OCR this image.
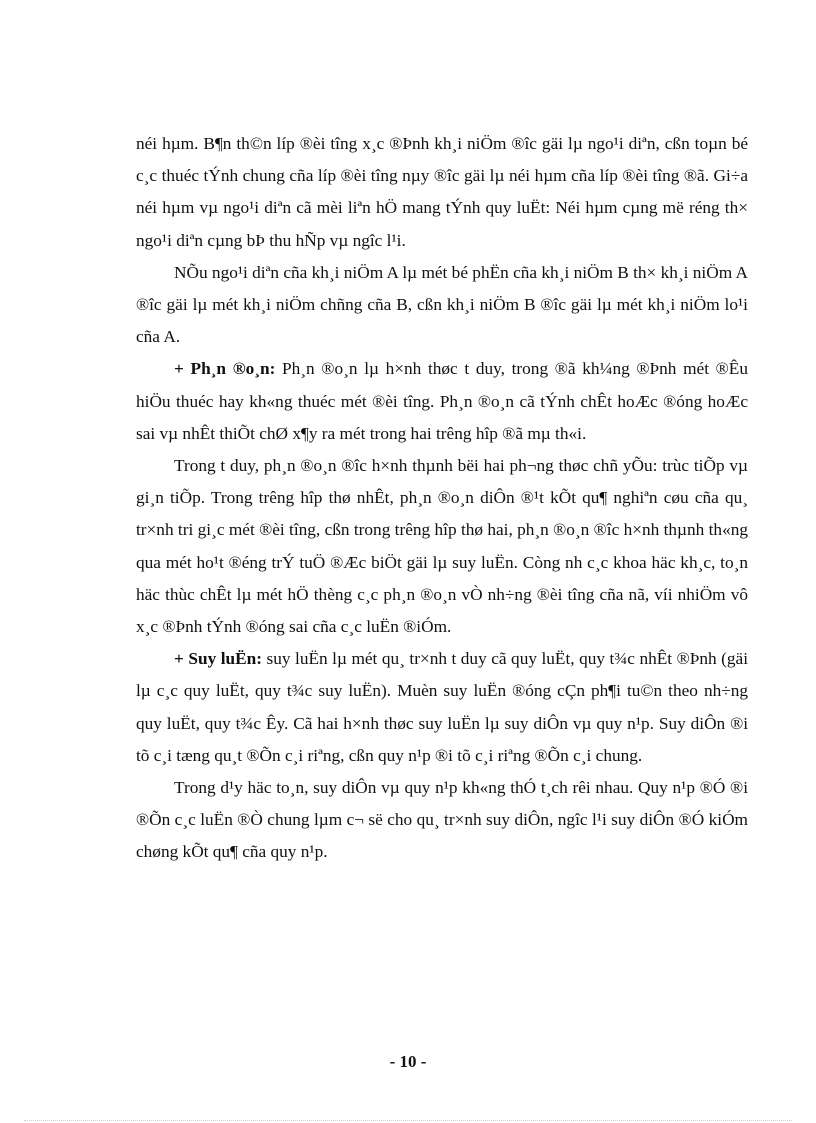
néi hµm. B¶n th©n líp ®èi tîng x¸c ®Þnh kh¸i niÖm ®îc gäi lµ ngo¹i diªn, cßn toµn bé c¸c thuéc tÝnh chung cña líp ®èi tîng nµy ®îc gäi lµ néi hµm cña líp ®èi tîng ®ã. Gi÷a néi hµm vµ ngo¹i diªn cã mèi liªn hÖ mang tÝnh quy luËt: Néi hµm cµng më réng th× ngo¹i diªn cµng bÞ thu hÑp vµ ngîc l¹i.

NÕu ngo¹i diªn cña kh¸i niÖm A lµ mét bé phËn cña kh¸i niÖm B th× kh¸i niÖm A ®îc gäi lµ mét kh¸i niÖm chñng cña B, cßn kh¸i niÖm B ®îc gäi lµ mét kh¸i niÖm lo¹i cña A.

+ Ph¸n ®o¸n: Ph¸n ®o¸n lµ h×nh thøc t duy, trong ®ã kh¼ng ®Þnh mét ®Êu hiÖu thuéc hay kh«ng thuéc mét ®èi tîng. Ph¸n ®o¸n cã tÝnh chÊt hoÆc ®óng hoÆc sai vµ nhÊt thiÕt chØ x¶y ra mét trong hai trêng hîp ®ã mµ th«i.

Trong t duy, ph¸n ®o¸n ®îc h×nh thµnh bëi hai ph¬ng thøc chñ yÕu: trùc tiÕp vµ gi¸n tiÕp. Trong trêng hîp thø nhÊt, ph¸n ®o¸n diÔn ®¹t kÕt qu¶ nghiªn cøu cña qu¸ tr×nh tri gi¸c mét ®èi tîng, cßn trong trêng hîp thø hai, ph¸n ®o¸n ®îc h×nh thµnh th«ng qua mét ho¹t ®éng trÝ tuÖ ®Æc biÖt gäi lµ suy luËn. Còng nh c¸c khoa häc kh¸c, to¸n häc thùc chÊt lµ mét hÖ thèng c¸c ph¸n ®o¸n vÒ nh÷ng ®èi tîng cña nã, víi nhiÖm vô x¸c ®Þnh tÝnh ®óng sai cña c¸c luËn ®iÓm.

+ Suy luËn: suy luËn lµ mét qu¸ tr×nh t duy cã quy luËt, quy t¾c nhÊt ®Þnh (gäi lµ c¸c quy luËt, quy t¾c suy luËn). Muèn suy luËn ®óng cÇn ph¶i tu©n theo nh÷ng quy luËt, quy t¾c Êy. Cã hai h×nh thøc suy luËn lµ suy diÔn vµ quy n¹p. Suy diÔn ®i tõ c¸i tæng qu¸t ®Õn c¸i riªng, cßn quy n¹p ®i tõ c¸i riªng ®Õn c¸i chung.

Trong d¹y häc to¸n, suy diÔn vµ quy n¹p kh«ng thÓ t¸ch rêi nhau. Quy n¹p ®Ó ®i ®Õn c¸c luËn ®Ò chung lµm c¬ së cho qu¸ tr×nh suy diÔn, ngîc l¹i suy diÔn ®Ó kiÓm chøng kÕt qu¶ cña quy n¹p.

- 10 -
